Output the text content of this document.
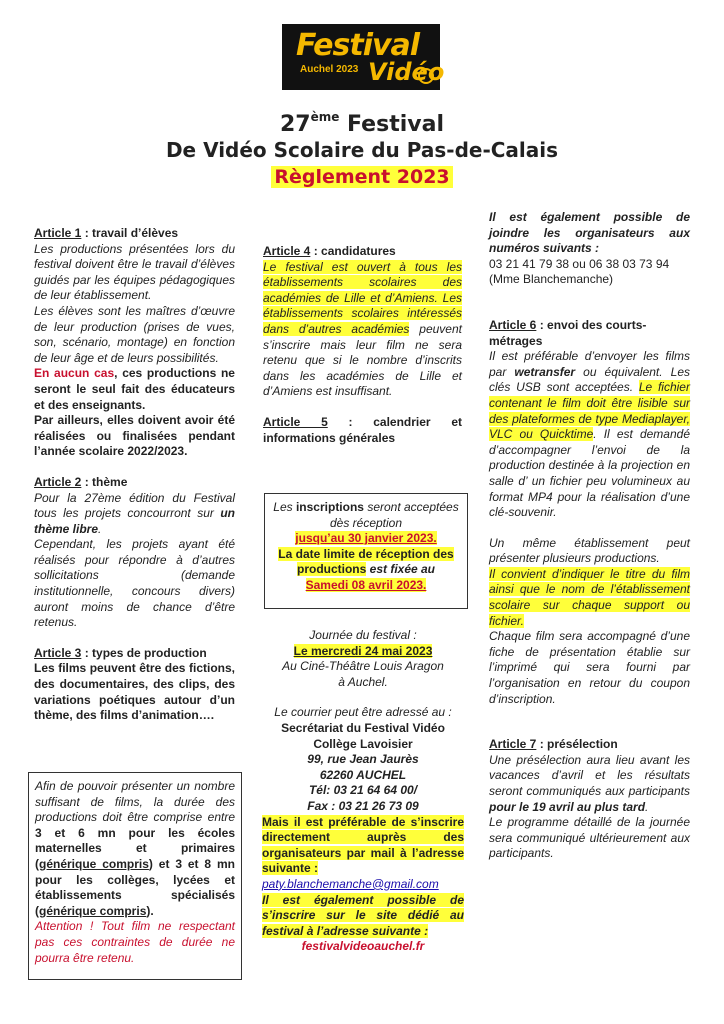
Festival
Auchel 2023 Vidéo
27ème Festival
De Vidéo Scolaire du Pas-de-Calais
Règlement 2023

Article 1 : travail d’élèves

Les productions présentées lors du festival doivent être le travail d’élèves guidés par les équipes pédagogiques de leur établissement.

Les élèves sont les maîtres d’œuvre de leur production (prises de vues, son, scénario, montage) en fonction de leur âge et de leurs possibilités.

En aucun cas, ces productions ne seront le seul fait des éducateurs et des enseignants.

Par ailleurs, elles doivent avoir été réalisées ou finalisées pendant l’année scolaire 2022/2023.

Article 2 : thème

Pour la 27ème édition du Festival tous les projets concourront sur un thème libre.

Cependant, les projets ayant été réalisés pour répondre à d’autres sollicitations (demande institutionnelle, concours divers) auront moins de chance d’être retenus.

Article 3 : types de production

Les films peuvent être des fictions, des documentaires, des clips, des variations poétiques autour d’un thème, des films d’animation….

Afin de pouvoir présenter un nombre suffisant de films, la durée des productions doit être comprise entre 3 et 6 mn pour les écoles maternelles et primaires (générique compris) et 3 et 8 mn pour les collèges, lycées et établissements spécialisés (générique compris).

Attention ! Tout film ne respectant pas ces contraintes de durée ne pourra être retenu.

Article 4 : candidatures

Le festival est ouvert à tous les établissements scolaires des académies de Lille et d’Amiens. Les établissements scolaires intéressés dans d’autres académies peuvent s’inscrire mais leur film ne sera retenu que si le nombre d’inscrits dans les académies de Lille et d’Amiens est insuffisant.

Article 5 : calendrier et informations générales

Les inscriptions seront acceptées dès réception

jusqu’au 30 janvier 2023.

La date limite de réception des productions est fixée au

Samedi 08 avril 2023.

Journée du festival :

Le mercredi 24 mai 2023

Au Ciné-Théâtre Louis Aragon

à Auchel.

Le courrier peut être adressé au :

Secrétariat du Festival Vidéo
Collège Lavoisier
99, rue Jean Jaurès
62260 AUCHEL
Tél: 03 21 64 64 00/
Fax : 03 21 26 73 09

Mais il est préférable de s’inscrire directement auprès des organisateurs par mail à l’adresse suivante :

paty.blanchemanche@gmail.com

Il est également possible de s’inscrire sur le site dédié au festival à l’adresse suivante :

festivalvideoauchel.fr

Il est également possible de joindre les organisateurs aux numéros suivants :

03 21 41 79 38 ou 06 38 03 73 94 (Mme Blanchemanche)

Article 6 : envoi des courts-métrages

Il est préférable d’envoyer les films par wetransfer ou équivalent. Les clés USB sont acceptées. Le fichier contenant le film doit être lisible sur des plateformes de type Mediaplayer, VLC ou Quicktime. Il est demandé d’accompagner l’envoi de la production destinée à la projection en salle d’ un fichier peu volumineux au format MP4 pour la réalisation d’une clé-souvenir.

Un même établissement peut présenter plusieurs productions.

Il convient d’indiquer le titre du film ainsi que le nom de l’établissement scolaire sur chaque support ou fichier.

Chaque film sera accompagné d’une fiche de présentation établie sur l’imprimé qui sera fourni par l’organisation en retour du coupon d’inscription.

Article 7 : présélection

Une présélection aura lieu avant les vacances d’avril et les résultats seront communiqués aux participants pour le 19 avril au plus tard.

Le programme détaillé de la journée sera communiqué ultérieurement aux participants.
